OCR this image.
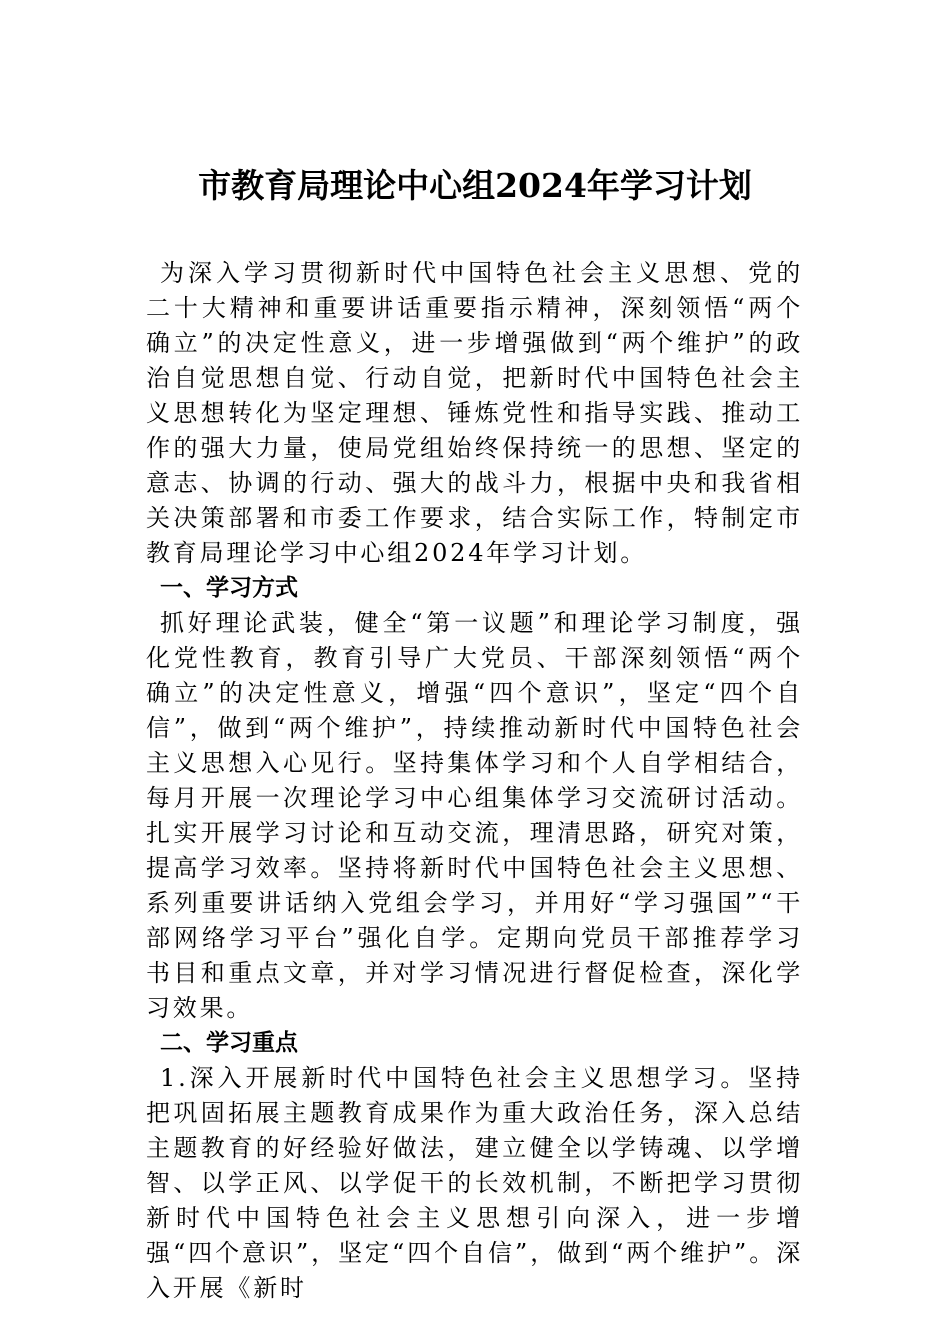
市教育局理论中心组2024年学习计划

为深入学习贯彻新时代中国特色社会主义思想、党的二十大精神和重要讲话重要指示精神，深刻领悟“两个确立”的决定性意义，进一步增强做到“两个维护”的政治自觉思想自觉、行动自觉，把新时代中国特色社会主义思想转化为坚定理想、锤炼党性和指导实践、推动工作的强大力量，使局党组始终保持统一的思想、坚定的意志、协调的行动、强大的战斗力，根据中央和我省相关决策部署和市委工作要求，结合实际工作，特制定市教育局理论学习中心组2024年学习计划。

一、学习方式

抓好理论武装，健全“第一议题”和理论学习制度，强化党性教育，教育引导广大党员、干部深刻领悟“两个确立”的决定性意义，增强“四个意识”，坚定“四个自信”，做到“两个维护”，持续推动新时代中国特色社会主义思想入心见行。坚持集体学习和个人自学相结合，每月开展一次理论学习中心组集体学习交流研讨活动。扎实开展学习讨论和互动交流，理清思路，研究对策，提高学习效率。坚持将新时代中国特色社会主义思想、系列重要讲话纳入党组会学习，并用好“学习强国”“干部网络学习平台”强化自学。定期向党员干部推荐学习书目和重点文章，并对学习情况进行督促检查，深化学习效果。

二、学习重点

1.深入开展新时代中国特色社会主义思想学习。坚持把巩固拓展主题教育成果作为重大政治任务，深入总结主题教育的好经验好做法，建立健全以学铸魂、以学增智、以学正风、以学促干的长效机制，不断把学习贯彻新时代中国特色社会主义思想引向深入，进一步增强“四个意识”，坚定“四个自信”，做到“两个维护”。深入开展《新时
